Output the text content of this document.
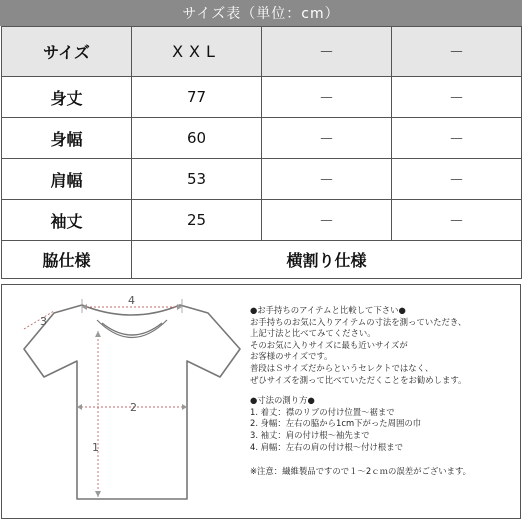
サイズ表（単位：cm）
サイズ	XXL	－	－
身丈	77	－	－
身幅	60	－	－
肩幅	53	－	－
袖丈	25	－	－
脇仕様	横割り仕様		
4
3
2
1
●お手持ちのアイテムと比較して下さい●
お手持ちのお気に入りアイテムの寸法を測っていただき、
上記寸法と比べてみてください。
そのお気に入りサイズに最も近いサイズが
お客様のサイズです。
普段はＳサイズだからというセレクトではなく、
ぜひサイズを測って比べていただくことをお勧めします。
●寸法の測り方●
1. 着丈：襟のリブの付け位置～裾まで
2. 身幅：左右の脇から1cm下がった周囲の巾
3. 袖丈：肩の付け根～袖先まで
4. 肩幅：左右の肩の付け根～付け根まで
※注意：繊維製品ですので１～2ｃｍの誤差がございます。
